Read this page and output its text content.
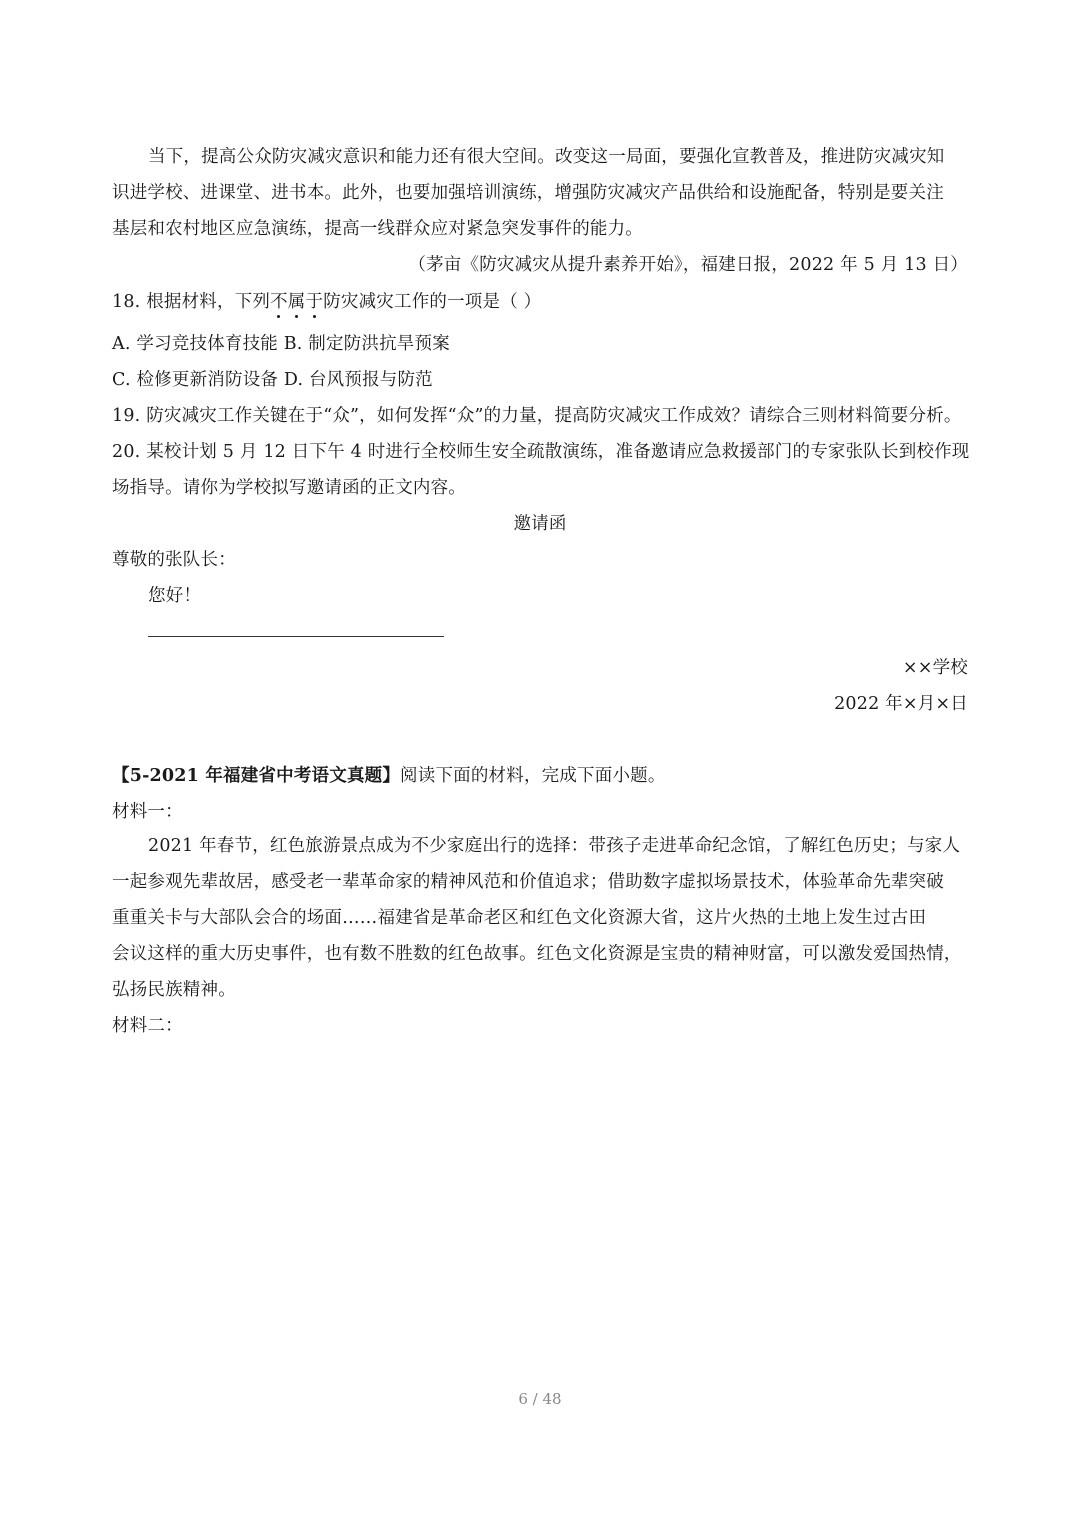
当下，提高公众防灾减灾意识和能力还有很大空间。改变这一局面，要强化宣教普及，推进防灾减灾知
识进学校、进课堂、进书本。此外，也要加强培训演练，增强防灾减灾产品供给和设施配备，特别是要关注
基层和农村地区应急演练，提高一线群众应对紧急突发事件的能力。
（茅亩《防灾减灾从提升素养开始》，福建日报，2022 年 5 月 13 日）
18. 根据材料，下列不属于防灾减灾工作的一项是（ ）
A. 学习竞技体育技能 B. 制定防洪抗旱预案
C. 检修更新消防设备 D. 台风预报与防范
19. 防灾减灾工作关键在于“众”，如何发挥“众”的力量，提高防灾减灾工作成效？请综合三则材料简要分析。
20. 某校计划 5 月 12 日下午 4 时进行全校师生安全疏散演练，准备邀请应急救援部门的专家张队长到校作现
场指导。请你为学校拟写邀请函的正文内容。
邀请函
尊敬的张队长：
您好！
××学校
2022 年×月×日
【5-2021 年福建省中考语文真题】阅读下面的材料，完成下面小题。
材料一：
2021 年春节，红色旅游景点成为不少家庭出行的选择：带孩子走进革命纪念馆，了解红色历史；与家人
一起参观先辈故居，感受老一辈革命家的精神风范和价值追求；借助数字虚拟场景技术，体验革命先辈突破
重重关卡与大部队会合的场面……福建省是革命老区和红色文化资源大省，这片火热的土地上发生过古田
会议这样的重大历史事件，也有数不胜数的红色故事。红色文化资源是宝贵的精神财富，可以激发爱国热情，
弘扬民族精神。
材料二：
6 / 48
